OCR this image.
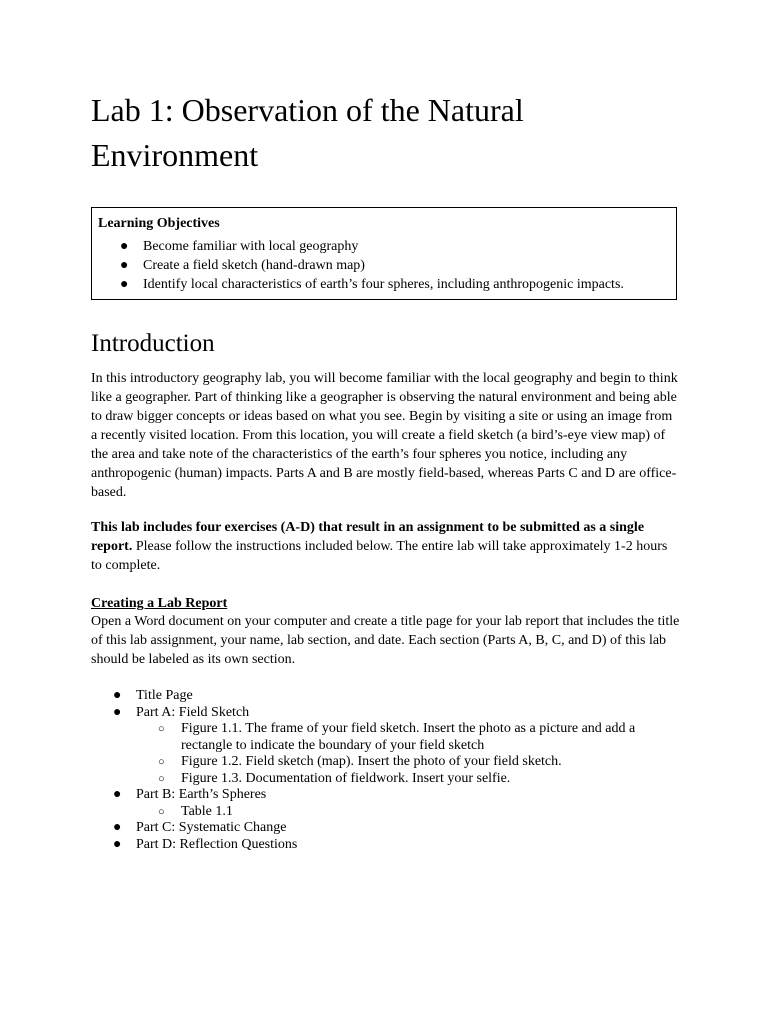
Lab 1: Observation of the Natural Environment
Learning Objectives
● Become familiar with local geography
● Create a field sketch (hand-drawn map)
● Identify local characteristics of earth’s four spheres, including anthropogenic impacts.
Introduction

In this introductory geography lab, you will become familiar with the local geography and begin to think like a geographer. Part of thinking like a geographer is observing the natural environment and being able to draw bigger concepts or ideas based on what you see. Begin by visiting a site or using an image from a recently visited location. From this location, you will create a field sketch (a bird’s-eye view map) of the area and take note of the characteristics of the earth’s four spheres you notice, including any anthropogenic (human) impacts. Parts A and B are mostly field-based, whereas Parts C and D are office-based.

This lab includes four exercises (A-D) that result in an assignment to be submitted as a single report. Please follow the instructions included below. The entire lab will take approximately 1-2 hours to complete.

Creating a Lab Report

Open a Word document on your computer and create a title page for your lab report that includes the title of this lab assignment, your name, lab section, and date. Each section (Parts A, B, C, and D) of this lab should be labeled as its own section.

● Title Page
● Part A: Field Sketch
○ Figure 1.1. The frame of your field sketch. Insert the photo as a picture and add a rectangle to indicate the boundary of your field sketch
○ Figure 1.2. Field sketch (map). Insert the photo of your field sketch.
○ Figure 1.3. Documentation of fieldwork. Insert your selfie.
● Part B: Earth’s Spheres
○ Table 1.1
● Part C: Systematic Change
● Part D: Reflection Questions
